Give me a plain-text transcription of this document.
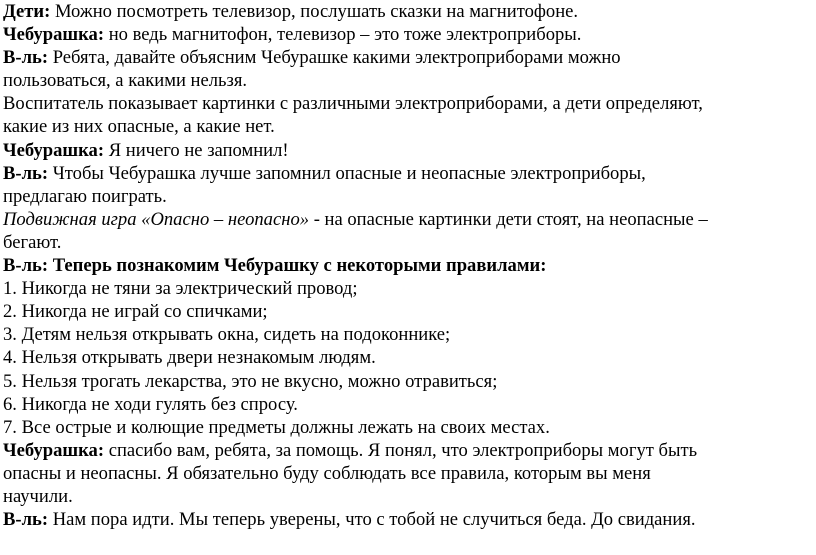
Дети: Можно посмотреть телевизор, послушать сказки на магнитофоне.
Чебурашка: но ведь магнитофон, телевизор – это тоже электроприборы.
В-ль: Ребята, давайте объясним Чебурашке какими электроприборами можно
пользоваться, а какими нельзя.
Воспитатель показывает картинки с различными электроприборами, а дети определяют,
какие из них опасные, а какие нет.
Чебурашка: Я ничего не запомнил!
В-ль: Чтобы Чебурашка лучше запомнил опасные и неопасные электроприборы,
предлагаю поиграть.
Подвижная игра «Опасно – неопасно» - на опасные картинки дети стоят, на неопасные –
бегают.
В-ль: Теперь познакомим Чебурашку с некоторыми правилами:
1. Никогда не тяни за электрический провод;
2. Никогда не играй со спичками;
3. Детям нельзя открывать окна, сидеть на подоконнике;
4. Нельзя открывать двери незнакомым людям.
5. Нельзя трогать лекарства, это не вкусно, можно отравиться;
6. Никогда не ходи гулять без спросу.
7. Все острые и колющие предметы должны лежать на своих местах.
Чебурашка: спасибо вам, ребята, за помощь. Я понял, что электроприборы могут быть
опасны и неопасны. Я обязательно буду соблюдать все правила, которым вы меня
научили.
В-ль: Нам пора идти. Мы теперь уверены, что с тобой не случиться беда. До свидания.
